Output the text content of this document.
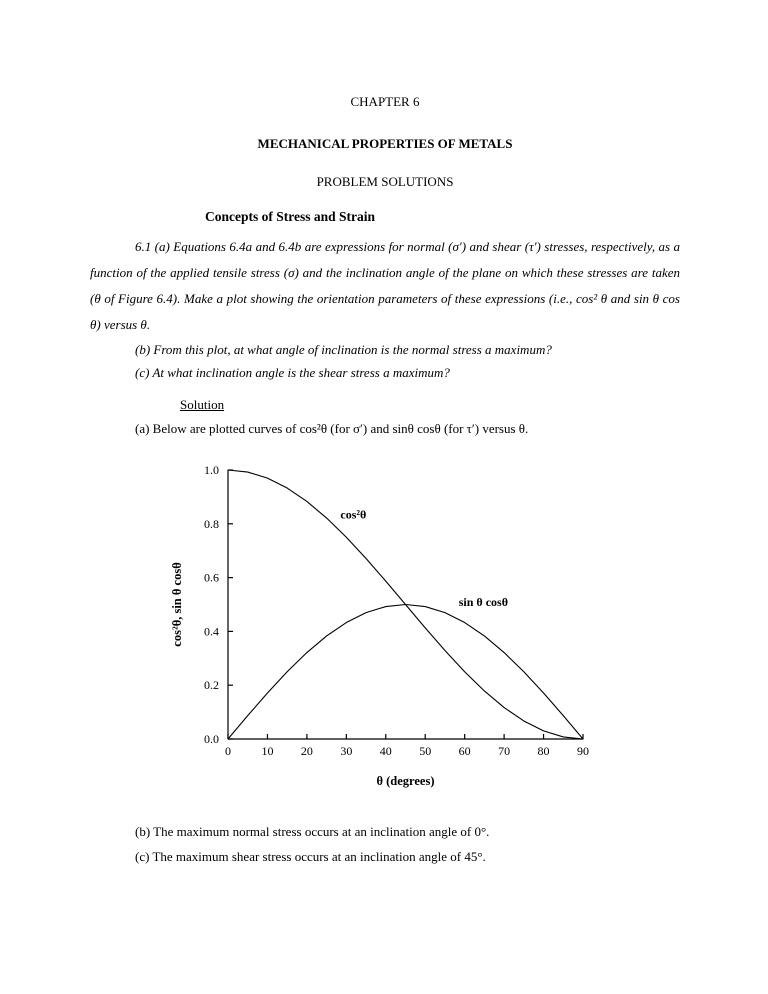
CHAPTER 6

MECHANICAL PROPERTIES OF METALS

PROBLEM SOLUTIONS

Concepts of Stress and Strain

6.1 (a) Equations 6.4a and 6.4b are expressions for normal (σ′) and shear (τ′) stresses, respectively, as a function of the applied tensile stress (σ) and the inclination angle of the plane on which these stresses are taken (θ of Figure 6.4). Make a plot showing the orientation parameters of these expressions (i.e., cos² θ and sin θ cos θ) versus θ.

(b) From this plot, at what angle of inclination is the normal stress a maximum?

(c) At what inclination angle is the shear stress a maximum?

Solution

(a) Below are plotted curves of cos²θ (for σ′) and sinθ cosθ (for τ′) versus θ.

0	10 20 30 40 50 60 70 80 90
0.0
0.2
0.4
0.6
0.8
1.0
cos²θ
sin θ cosθ
cos²θ, sin θ cosθ
θ (degrees)

(b) The maximum normal stress occurs at an inclination angle of 0°.

(c) The maximum shear stress occurs at an inclination angle of 45°.
